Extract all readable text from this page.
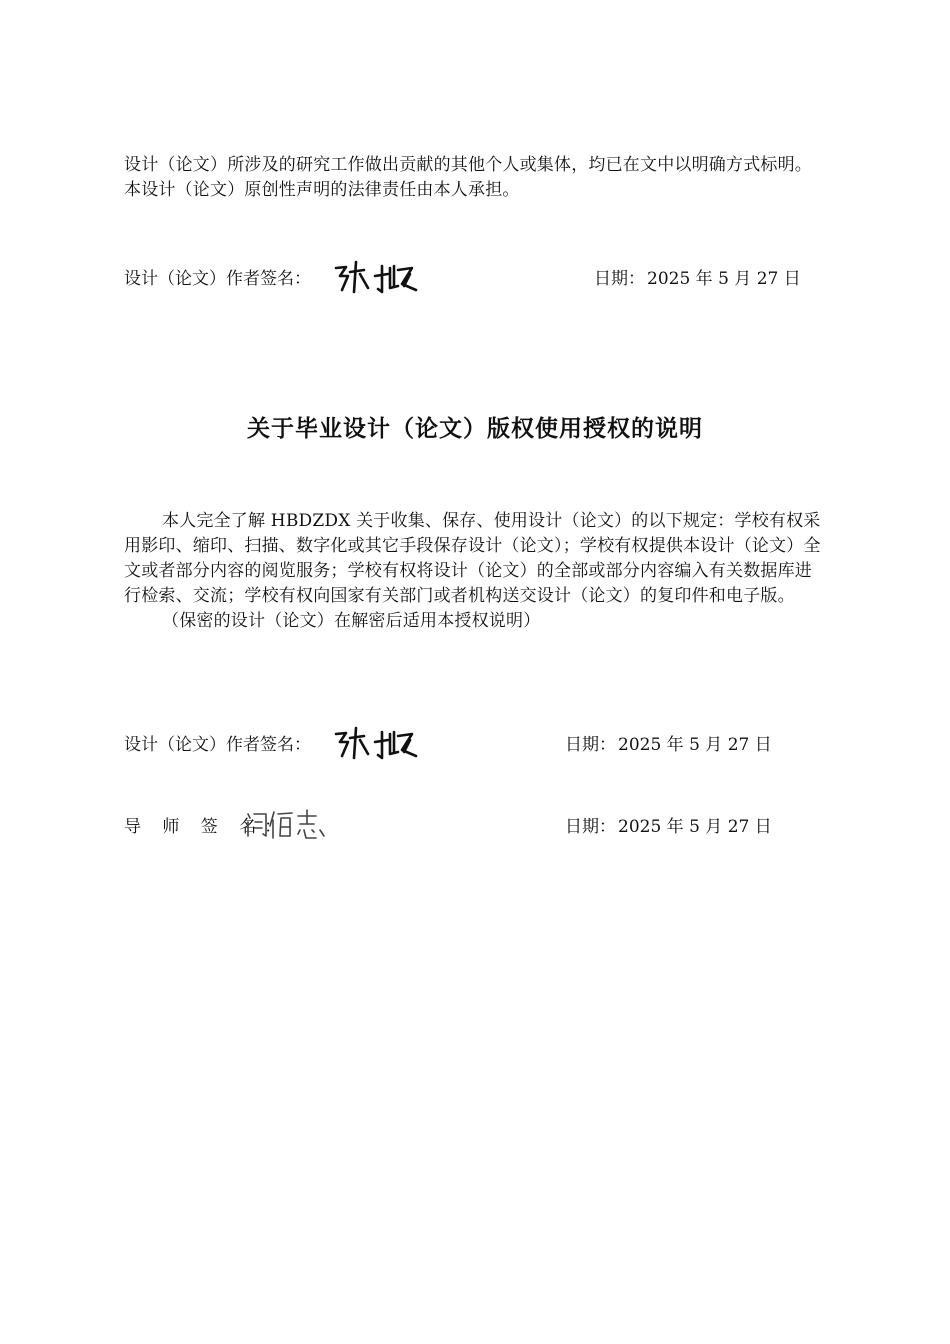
设计（论文）所涉及的研究工作做出贡献的其他个人或集体，均已在文中以明确方式标明。本设计（论文）原创性声明的法律责任由本人承担。

设计（论文）作者签名：	日期： 2025 年 5 月 27 日
关于毕业设计（论文）版权使用授权的说明

本人完全了解 HBDZDX 关于收集、保存、使用设计（论文）的以下规定：学校有权采用影印、缩印、扫描、数字化或其它手段保存设计（论文）；学校有权提供本设计（论文）全文或者部分内容的阅览服务；学校有权将设计（论文）的全部或部分内容编入有关数据库进行检索、交流；学校有权向国家有关部门或者机构送交设计（论文）的复印件和电子版。

（保密的设计（论文）在解密后适用本授权说明）

设计（论文）作者签名：	日期： 2025 年 5 月 27 日
导 师 签 名：	日期： 2025 年 5 月 27 日
